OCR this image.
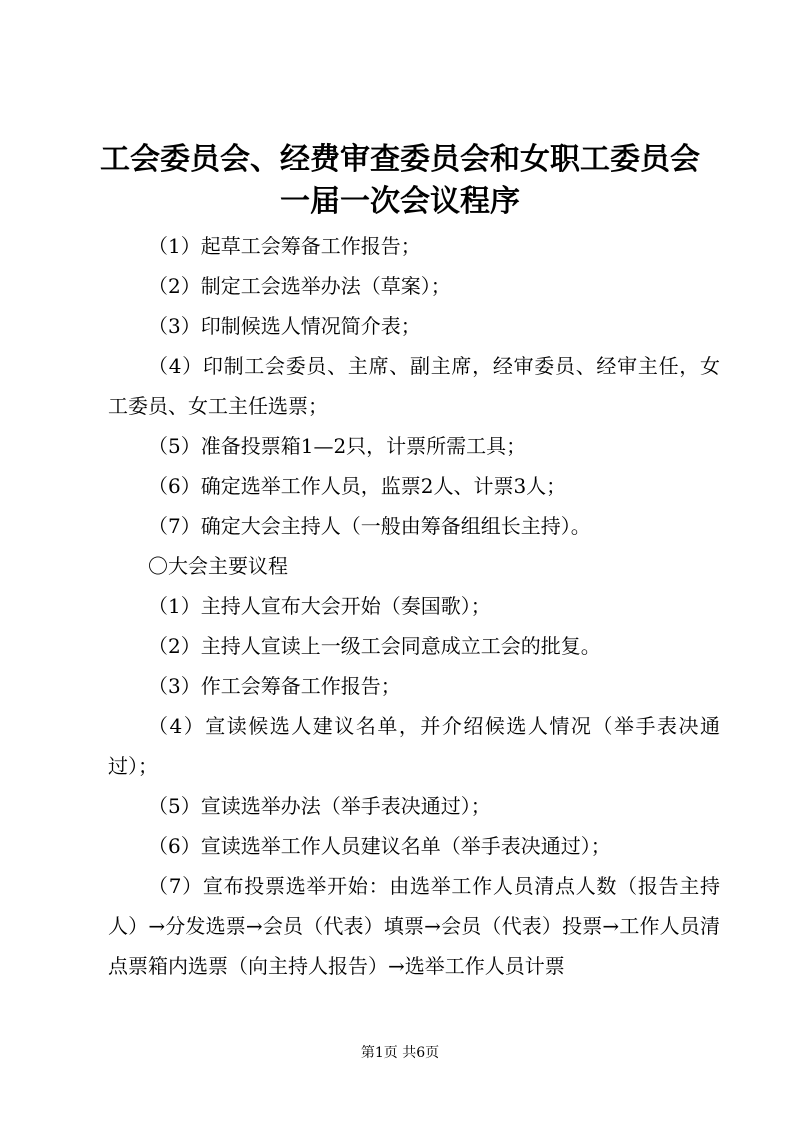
工会委员会、经费审查委员会和女职工委员会
一届一次会议程序

（1）起草工会筹备工作报告；

（2）制定工会选举办法（草案）；

（3）印制候选人情况简介表；

（4）印制工会委员、主席、副主席，经审委员、经审主任，女工委员、女工主任选票；

（5）准备投票箱1—2只，计票所需工具；

（6）确定选举工作人员，监票2人、计票3人；

（7）确定大会主持人（一般由筹备组组长主持）。

〇大会主要议程

（1）主持人宣布大会开始（奏国歌）；

（2）主持人宣读上一级工会同意成立工会的批复。

（3）作工会筹备工作报告；

（4）宣读候选人建议名单，并介绍候选人情况（举手表决通过）；

（5）宣读选举办法（举手表决通过）；

（6）宣读选举工作人员建议名单（举手表决通过）；

（7）宣布投票选举开始：由选举工作人员清点人数（报告主持人）→分发选票→会员（代表）填票→会员（代表）投票→工作人员清点票箱内选票（向主持人报告）→选举工作人员计票

第1页 共6页
